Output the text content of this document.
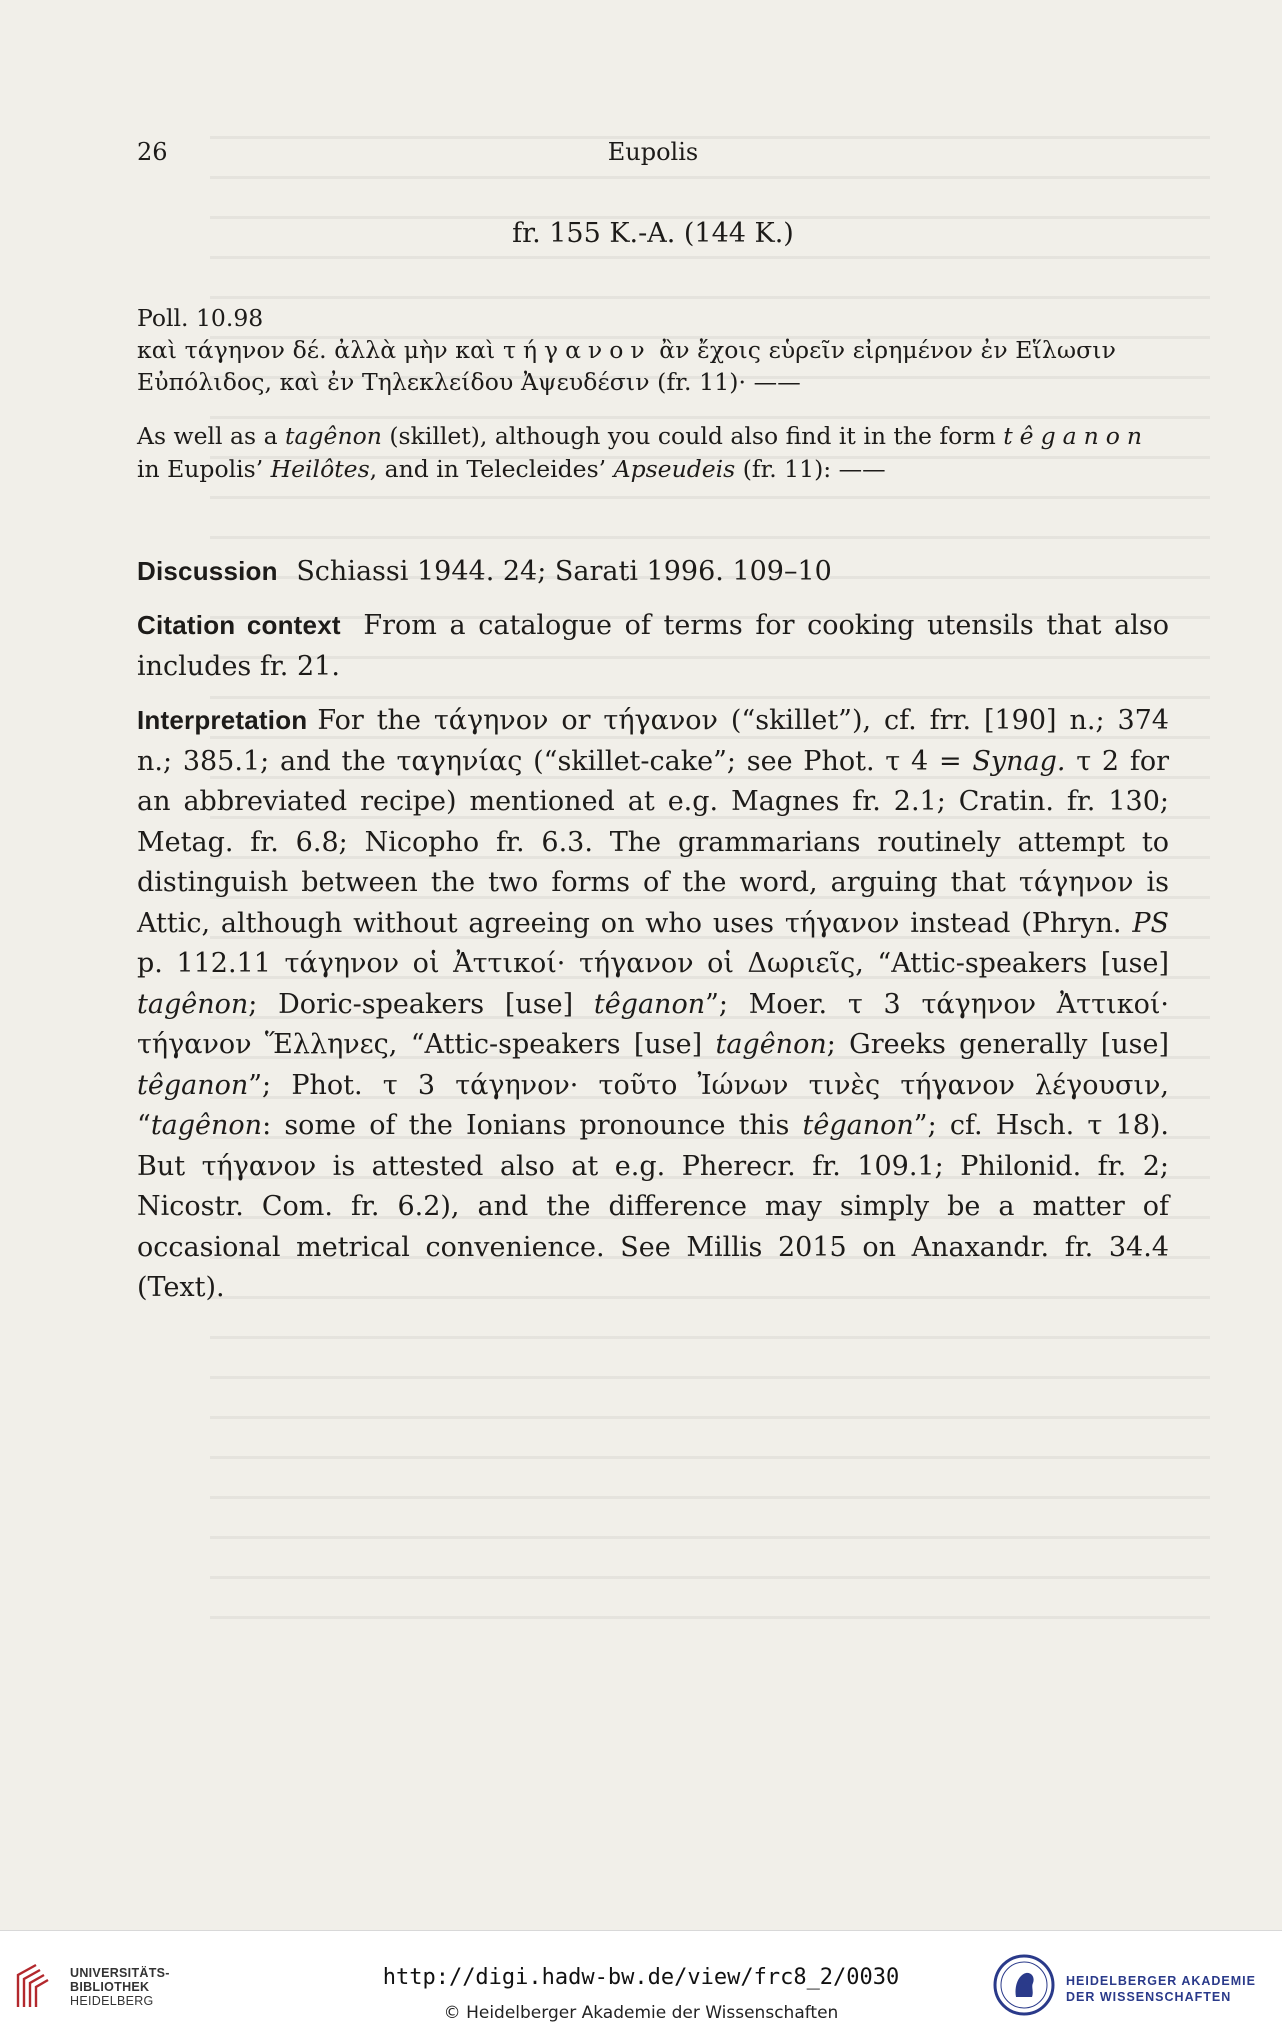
26	Eupolis
fr. 155 K.-A. (144 K.)
Poll. 10.98
καὶ τάγηνον δέ. ἀλλὰ μὴν καὶ τήγανον ἂν ἔχοις εὑρεῖν εἰρημένον ἐν Εἵλωσιν
Εὐπόλιδος, καὶ ἐν Τηλεκλείδου Ἀψευδέσιν (fr. 11)· ——
As well as a tagênon (skillet), although you could also find it in the form têganon
in Eupolis’ Heilôtes, and in Telecleides’ Apseudeis (fr. 11): ——
Discussion Schiassi 1944. 24; Sarati 1996. 109–10
Citation context From a catalogue of terms for cooking utensils that also includes fr. 21.
Interpretation For the τάγηνον or τήγανον (“skillet”), cf. frr. [190] n.; 374 n.; 385.1; and the ταγηνίας (“skillet-cake”; see Phot. τ 4 = Synag. τ 2 for an abbreviated recipe) mentioned at e.g. Magnes fr. 2.1; Cratin. fr. 130; Metag. fr. 6.8; Nicopho fr. 6.3. The grammarians routinely attempt to distinguish between the two forms of the word, arguing that τάγηνον is Attic, although without agreeing on who uses τήγανον instead (Phryn. PS p. 112.11 τάγηνον οἱ Ἀττικοί· τήγανον οἱ Δωριεῖς, “Attic-speakers [use] tagênon; Doric-speakers [use] têganon”; Moer. τ 3 τάγηνον Ἀττικοί· τήγανον Ἕλληνες, “Attic-speakers [use] tagênon; Greeks generally [use] têganon”; Phot. τ 3 τάγηνον· τοῦτο Ἰώνων τινὲς τήγανον λέγουσιν, “tagênon: some of the Ionians pronounce this têganon”; cf. Hsch. τ 18). But τήγανον is attested also at e.g. Pherecr. fr. 109.1; Philonid. fr. 2; Nicostr. Com. fr. 6.2), and the difference may simply be a matter of occasional metrical convenience. See Millis 2015 on Anaxandr. fr. 34.4 (Text).
UNIVERSITÄTS-
BIBLIOTHEK
HEIDELBERG
http://digi.hadw-bw.de/view/frc8_2/0030
© Heidelberger Akademie der Wissenschaften
HEIDELBERGER AKADEMIE
DER WISSENSCHAFTEN
